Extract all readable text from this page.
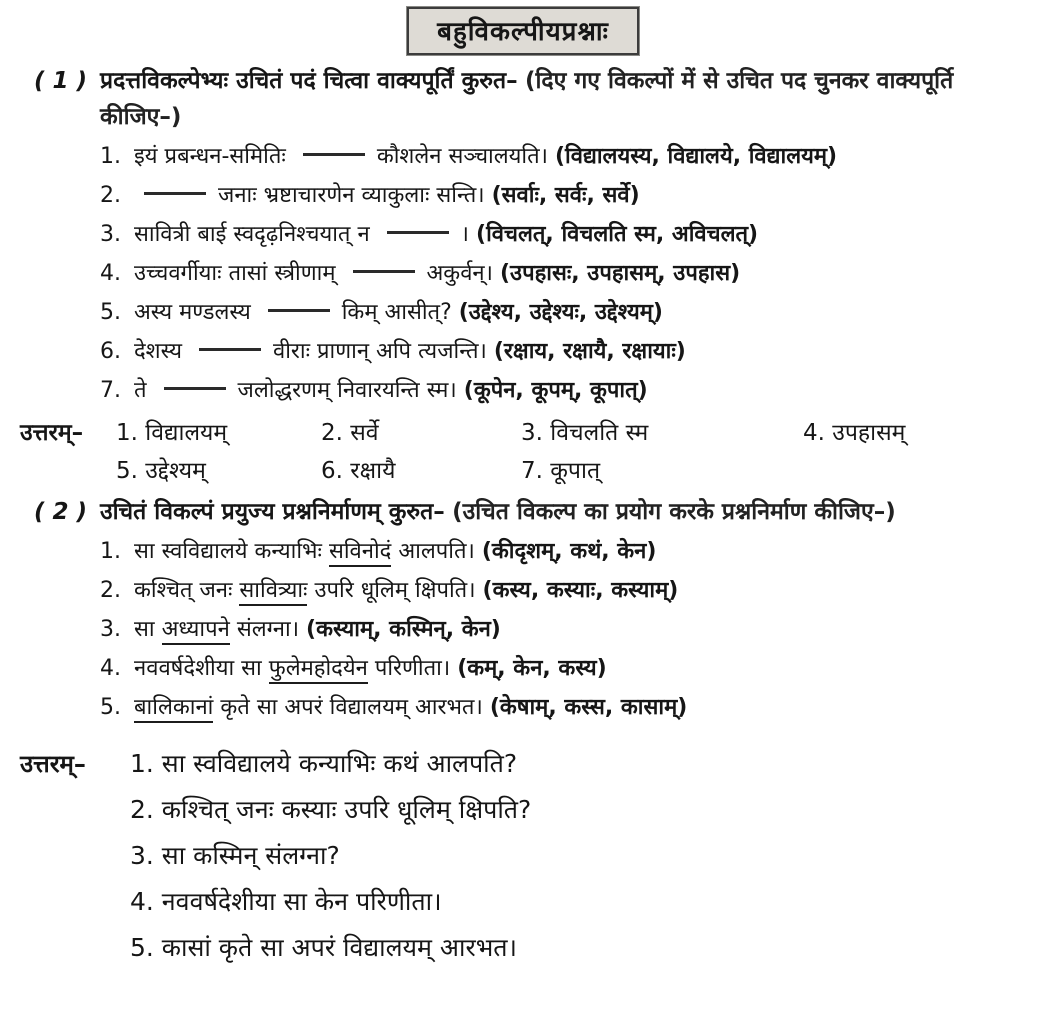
बहुविकल्पीयप्रश्नाः
( 1 ) प्रदत्तविकल्पेभ्यः उचितं पदं चित्वा वाक्यपूर्तिं कुरुत– (दिए गए विकल्पों में से उचित पद चुनकर वाक्यपूर्ति कीजिए–)
1. इयं प्रबन्धन-समितिः	कौशलेन सञ्चालयति। (विद्यालयस्य, विद्यालये, विद्यालयम्)
2.	जनाः भ्रष्टाचारणेन व्याकुलाः सन्ति। (सर्वाः, सर्वः, सर्वे)
3. सावित्री बाई स्वदृढ़निश्चयात् न	। (विचलत्, विचलति स्म, अविचलत्)
4. उच्चवर्गीयाः तासां स्त्रीणाम्	अकुर्वन्। (उपहासः, उपहासम्, उपहास)
5. अस्य मण्डलस्य	किम् आसीत्? (उद्देश्य, उद्देश्यः, उद्देश्यम्)
6. देशस्य	वीराः प्राणान् अपि त्यजन्ति। (रक्षाय, रक्षायै, रक्षायाः)
7. ते	जलोद्धरणम् निवारयन्ति स्म। (कूपेन, कूपम्, कूपात्)
उत्तरम्–	1. विद्यालयम्	2. सर्वे	3. विचलति स्म	4. उपहासम्
5. उद्देश्यम्	6. रक्षायै	7. कूपात्
( 2 ) उचितं विकल्पं प्रयुज्य प्रश्ननिर्माणम् कुरुत– (उचित विकल्प का प्रयोग करके प्रश्ननिर्माण कीजिए–)
1. सा स्वविद्यालये कन्याभिः सविनोदं आलपति। (कीदृशम्, कथं, केन)
2. कश्चित् जनः सावित्र्याः उपरि धूलिम् क्षिपति। (कस्य, कस्याः, कस्याम्)
3. सा अध्यापने संलग्ना। (कस्याम्, कस्मिन्, केन)
4. नववर्षदेशीया सा फुलेमहोदयेन परिणीता। (कम्, केन, कस्य)
5. बालिकानां कृते सा अपरं विद्यालयम् आरभत। (केषाम्, कस्स, कासाम्)
उत्तरम्–	1. सा स्वविद्यालये कन्याभिः कथं आलपति?
2. कश्चित् जनः कस्याः उपरि धूलिम् क्षिपति?
3. सा कस्मिन् संलग्ना?
4. नववर्षदेशीया सा केन परिणीता।
5. कासां कृते सा अपरं विद्यालयम् आरभत।
